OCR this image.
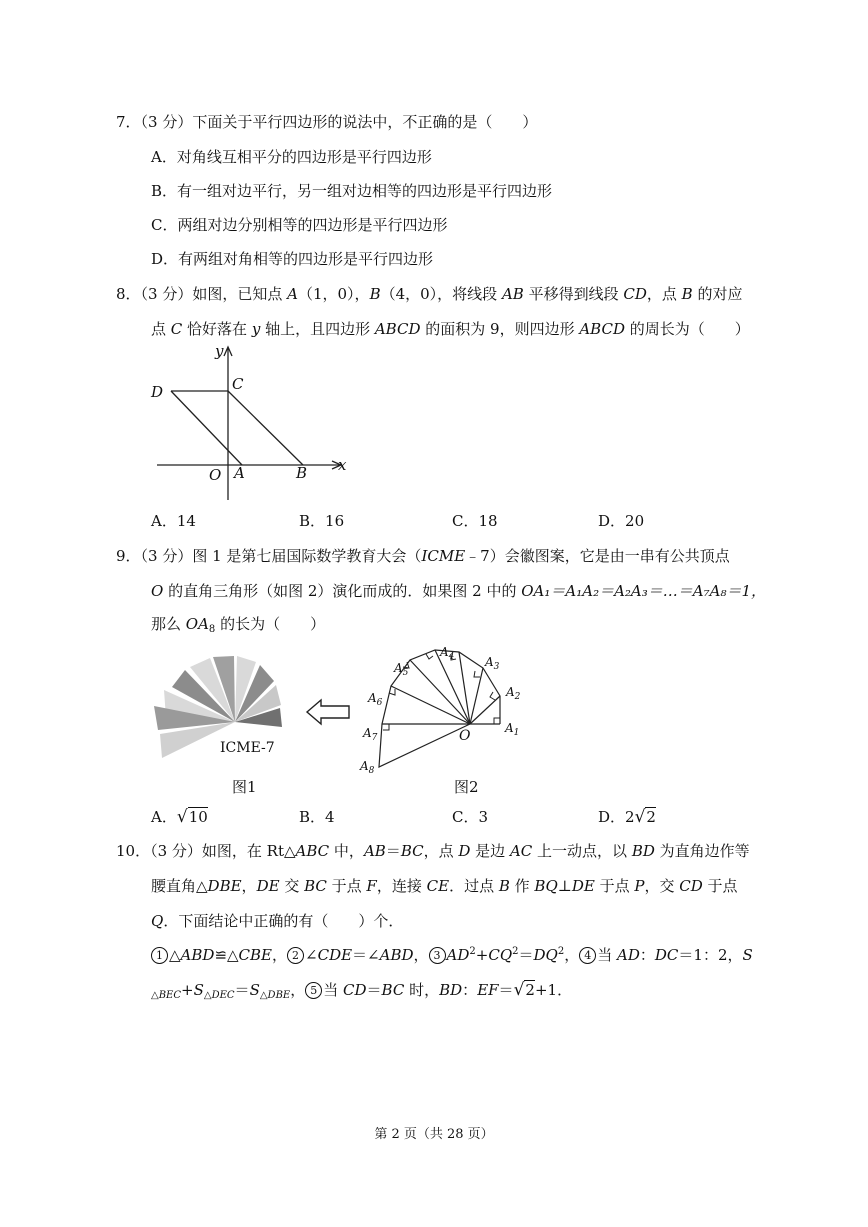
7．（3 分）下面关于平行四边形的说法中，不正确的是（　　）
A．对角线互相平分的四边形是平行四边形
B．有一组对边平行，另一组对边相等的四边形是平行四边形
C．两组对边分别相等的四边形是平行四边形
D．有两组对角相等的四边形是平行四边形
8．（3 分）如图，已知点 A（1，0），B（4，0），将线段 AB 平移得到线段 CD，点 B 的对应
点 C 恰好落在 y 轴上，且四边形 ABCD 的面积为 9，则四边形 ABCD 的周长为（　　）
y
x
C
D
O A	B
A．14	B．16	C．18	D．20
9．（3 分）图 1 是第七届国际数学教育大会（ICME﹣7）会徽图案，它是由一串有公共顶点
O 的直角三角形（如图 2）演化而成的．如果图 2 中的 OA₁＝A₁A₂＝A₂A₃＝…＝A₇A₈＝1，
那么 $OA_8$ 的长为（　　）
ICME-7
图1
$A_1$
$A_2$
$A_3$
$A_4$
$A_5$
$A_6$
$A_7$
$A_8$
O
图2
A．√10	B．4	C．3	D．2√2
10．（3 分）如图，在 Rt△ABC 中，AB＝BC，点 D 是边 AC 上一动点，以 BD 为直角边作等
腰直角△DBE，DE 交 BC 于点 F，连接 CE．过点 B 作 BQ⊥DE 于点 P，交 CD 于点
Q．下面结论中正确的有（　　）个．
1 △ABD≌△CBE， 2 ∠CDE＝∠ABD， 3 $AD^2+CQ^2=DQ^2$， 4 当 AD：DC＝1：2，S
$_{\triangle BEC}+S_{\triangle DEC}=S_{\triangle DBE}$， 5 当 CD＝BC 时，BD：EF＝√2+1．
第 2 页（共 28 页）
